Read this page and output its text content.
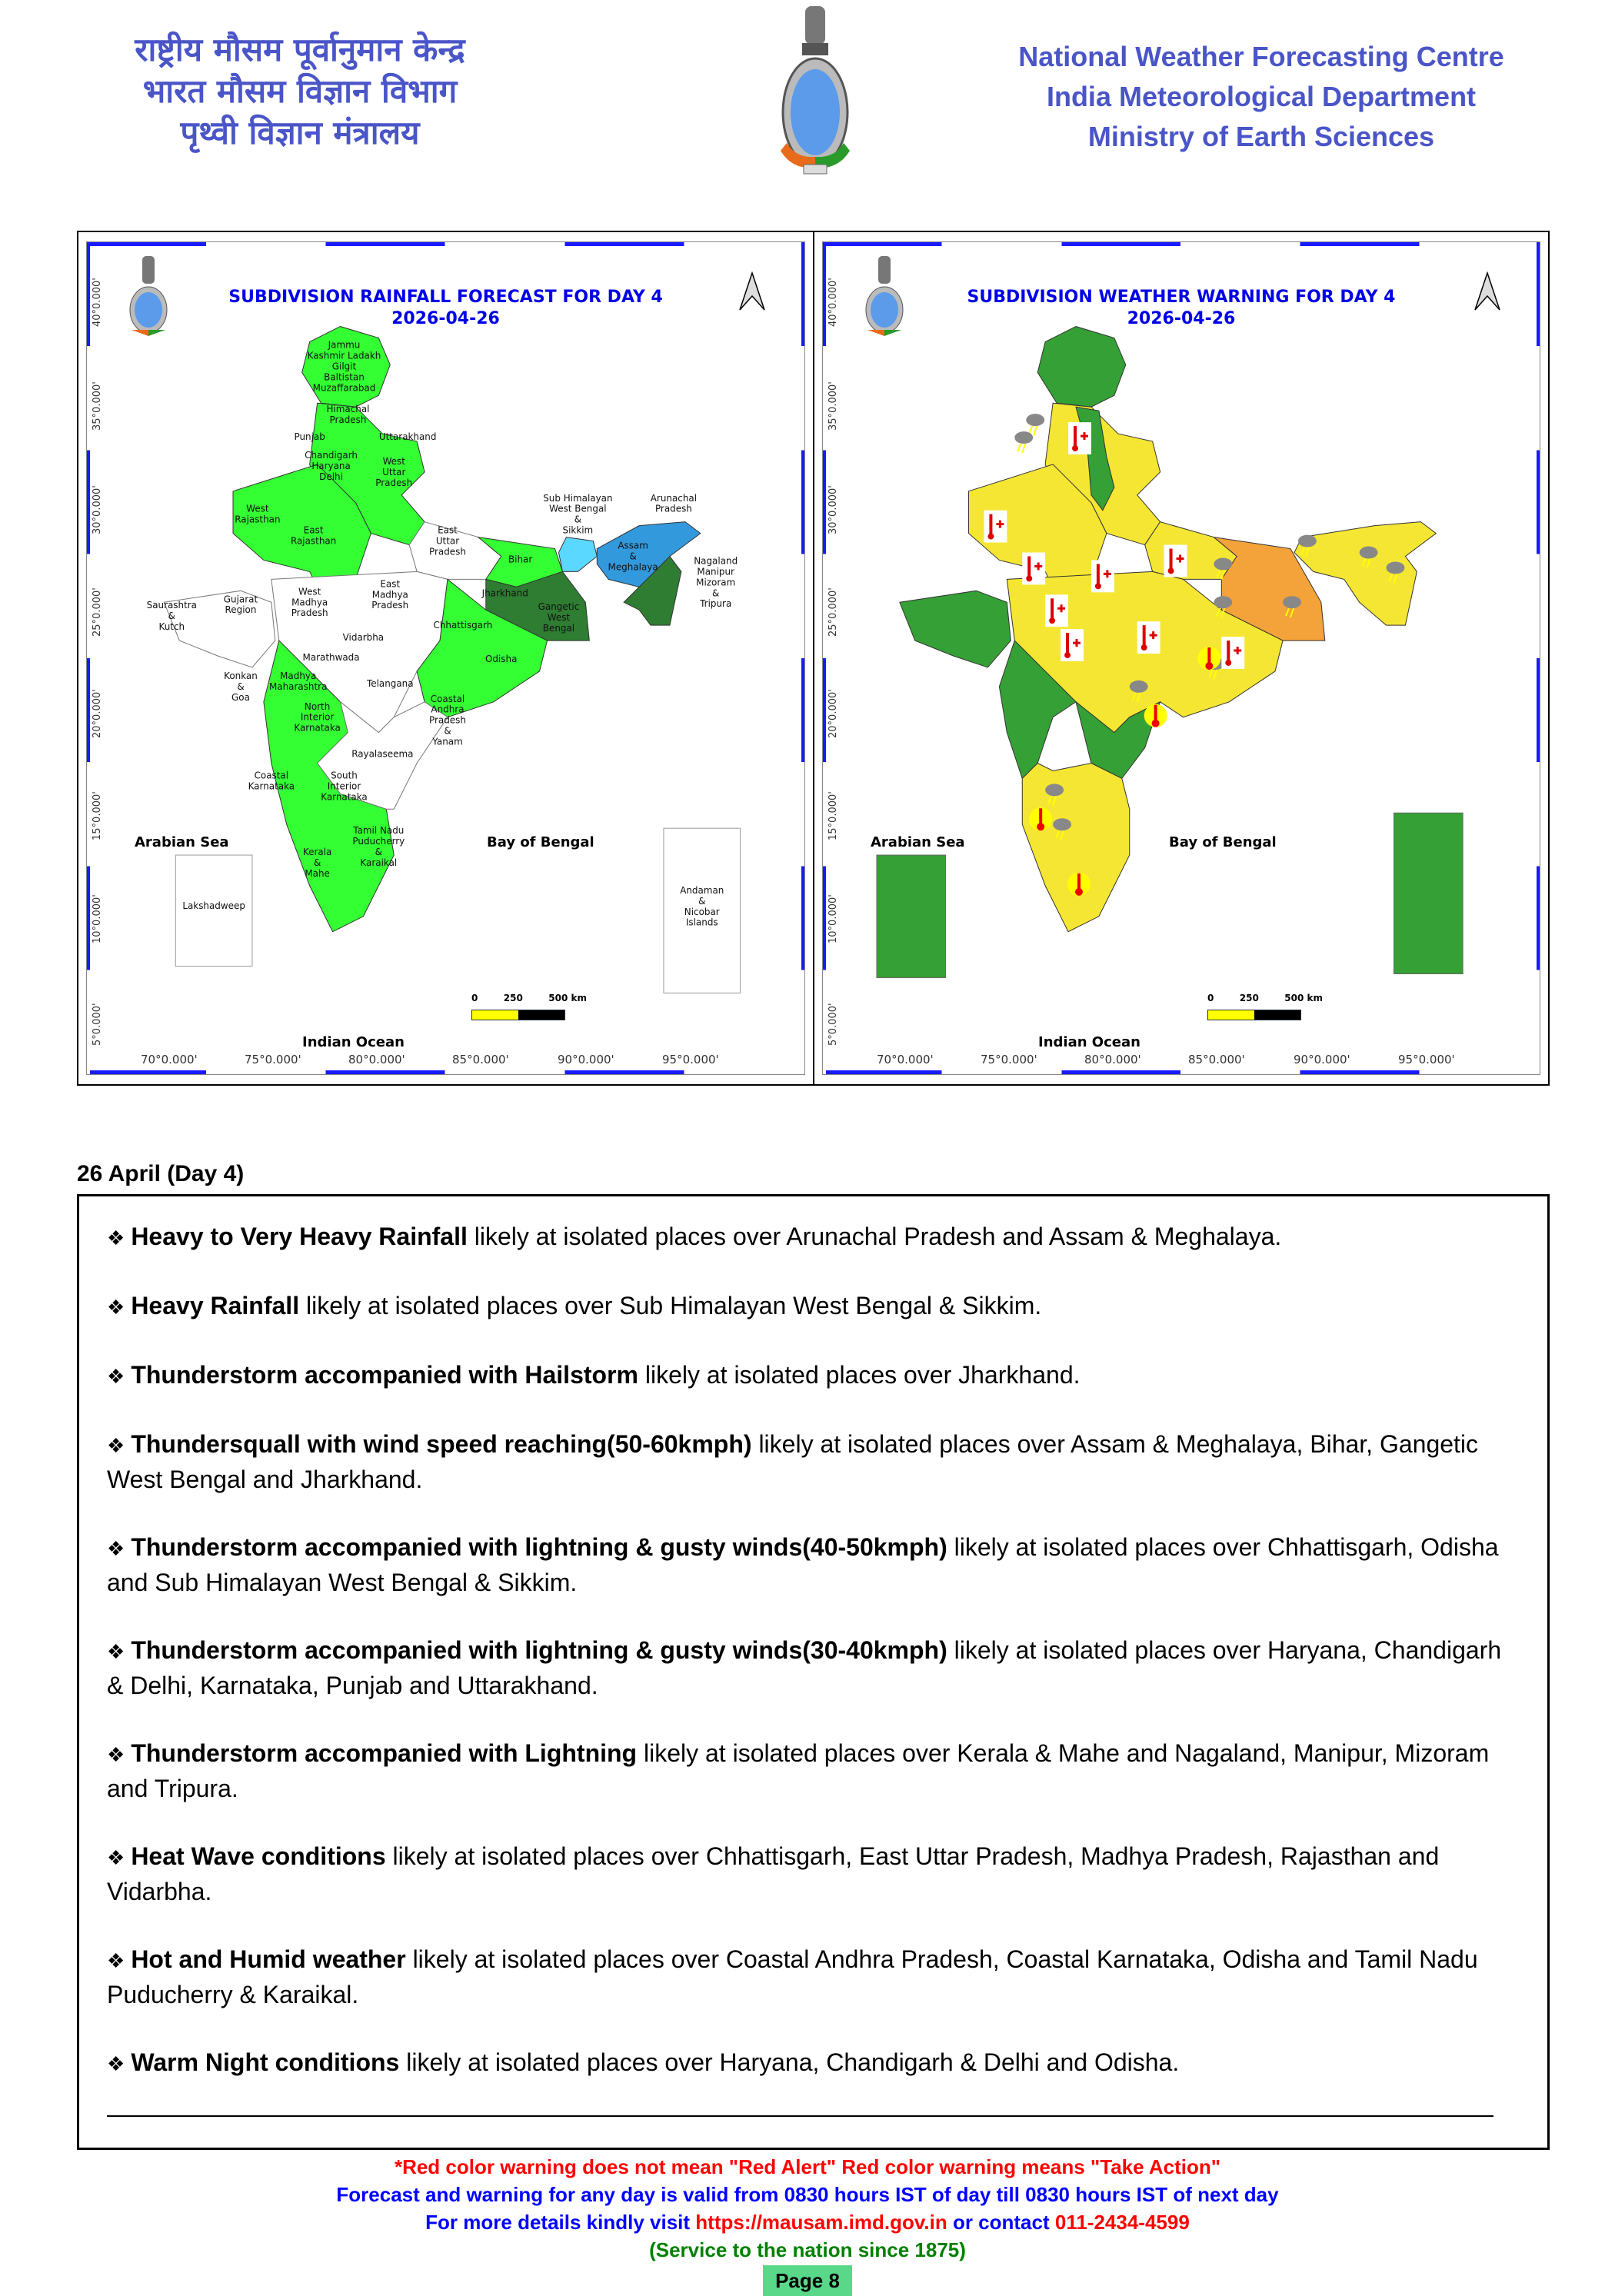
राष्ट्रीय मौसम पूर्वानुमान केन्द्र
भारत मौसम विज्ञान विभाग
पृथ्वी विज्ञान मंत्रालय
National Weather Forecasting Centre
India Meteorological Department
Ministry of Earth Sciences
Jammu
Kashmir Ladakh
Gilgit
Baltistan
Muzaffarabad
Himachal
Pradesh
Punjab	Uttarakhand
Chandigarh
Haryana
Delhi
West
Uttar
Pradesh
West
Rajasthan
East
Rajasthan
East
Uttar
Pradesh
Bihar
Sub Himalayan
West Bengal
&
Sikkim
Arunachal
Pradesh
Assam
&
Meghalaya
Nagaland
Manipur
Mizoram
&
Tripura
Jharkhand
Gangetic
West
Bengal
Saurashtra
&
Kutch
Gujarat
Region
West
Madhya
Pradesh
East
Madhya
Pradesh
Chhattisgarh
Odisha
Vidarbha
Marathwada
Konkan
&
Goa
Madhya
Maharashtra
North
Interior
Karnataka
Telangana
Coastal
Andhra
Pradesh
&
Yanam
Rayalaseema
Coastal
Karnataka
South
Interior
Karnataka
Tamil Nadu
Puducherry
&
Karaikal
Kerala
&
Mahe
Lakshadweep
Andaman
&
Nicobar
Islands
SUBDIVISION RAINFALL FORECAST FOR DAY 4
2026-04-26
40°0.000'
35°0.000'
30°0.000'
25°0.000'
20°0.000'
15°0.000'
10°0.000'
5°0.000'
70°0.000'	75°0.000'	80°0.000'	85°0.000'	90°0.000'	95°0.000'
Arabian Sea	Bay of Bengal
Indian Ocean
0	250	500 km
SUBDIVISION WEATHER WARNING FOR DAY 4
2026-04-26
40°0.000'
35°0.000'
30°0.000'
25°0.000'
20°0.000'
15°0.000'
10°0.000'
5°0.000'
70°0.000'	75°0.000'	80°0.000'	85°0.000'	90°0.000'	95°0.000'
Arabian Sea	Bay of Bengal
Indian Ocean
0	250	500 km
26 April (Day 4)
❖ Heavy to Very Heavy Rainfall likely at isolated places over Arunachal Pradesh and Assam & Meghalaya.
❖ Heavy Rainfall likely at isolated places over Sub Himalayan West Bengal & Sikkim.
❖ Thunderstorm accompanied with Hailstorm likely at isolated places over Jharkhand.
❖ Thundersquall with wind speed reaching(50-60kmph) likely at isolated places over Assam & Meghalaya, Bihar, Gangetic West Bengal and Jharkhand.
❖ Thunderstorm accompanied with lightning & gusty winds(40-50kmph) likely at isolated places over Chhattisgarh, Odisha and Sub Himalayan West Bengal & Sikkim.
❖ Thunderstorm accompanied with lightning & gusty winds(30-40kmph) likely at isolated places over Haryana, Chandigarh & Delhi, Karnataka, Punjab and Uttarakhand.
❖ Thunderstorm accompanied with Lightning likely at isolated places over Kerala & Mahe and Nagaland, Manipur, Mizoram and Tripura.
❖ Heat Wave conditions likely at isolated places over Chhattisgarh, East Uttar Pradesh, Madhya Pradesh, Rajasthan and Vidarbha.
❖ Hot and Humid weather likely at isolated places over Coastal Andhra Pradesh, Coastal Karnataka, Odisha and Tamil Nadu Puducherry & Karaikal.
❖ Warm Night conditions likely at isolated places over Haryana, Chandigarh & Delhi and Odisha.
*Red color warning does not mean "Red Alert" Red color warning means "Take Action"
Forecast and warning for any day is valid from 0830 hours IST of day till 0830 hours IST of next day
For more details kindly visit https://mausam.imd.gov.in or contact 011-2434-4599
(Service to the nation since 1875)
Page 8
